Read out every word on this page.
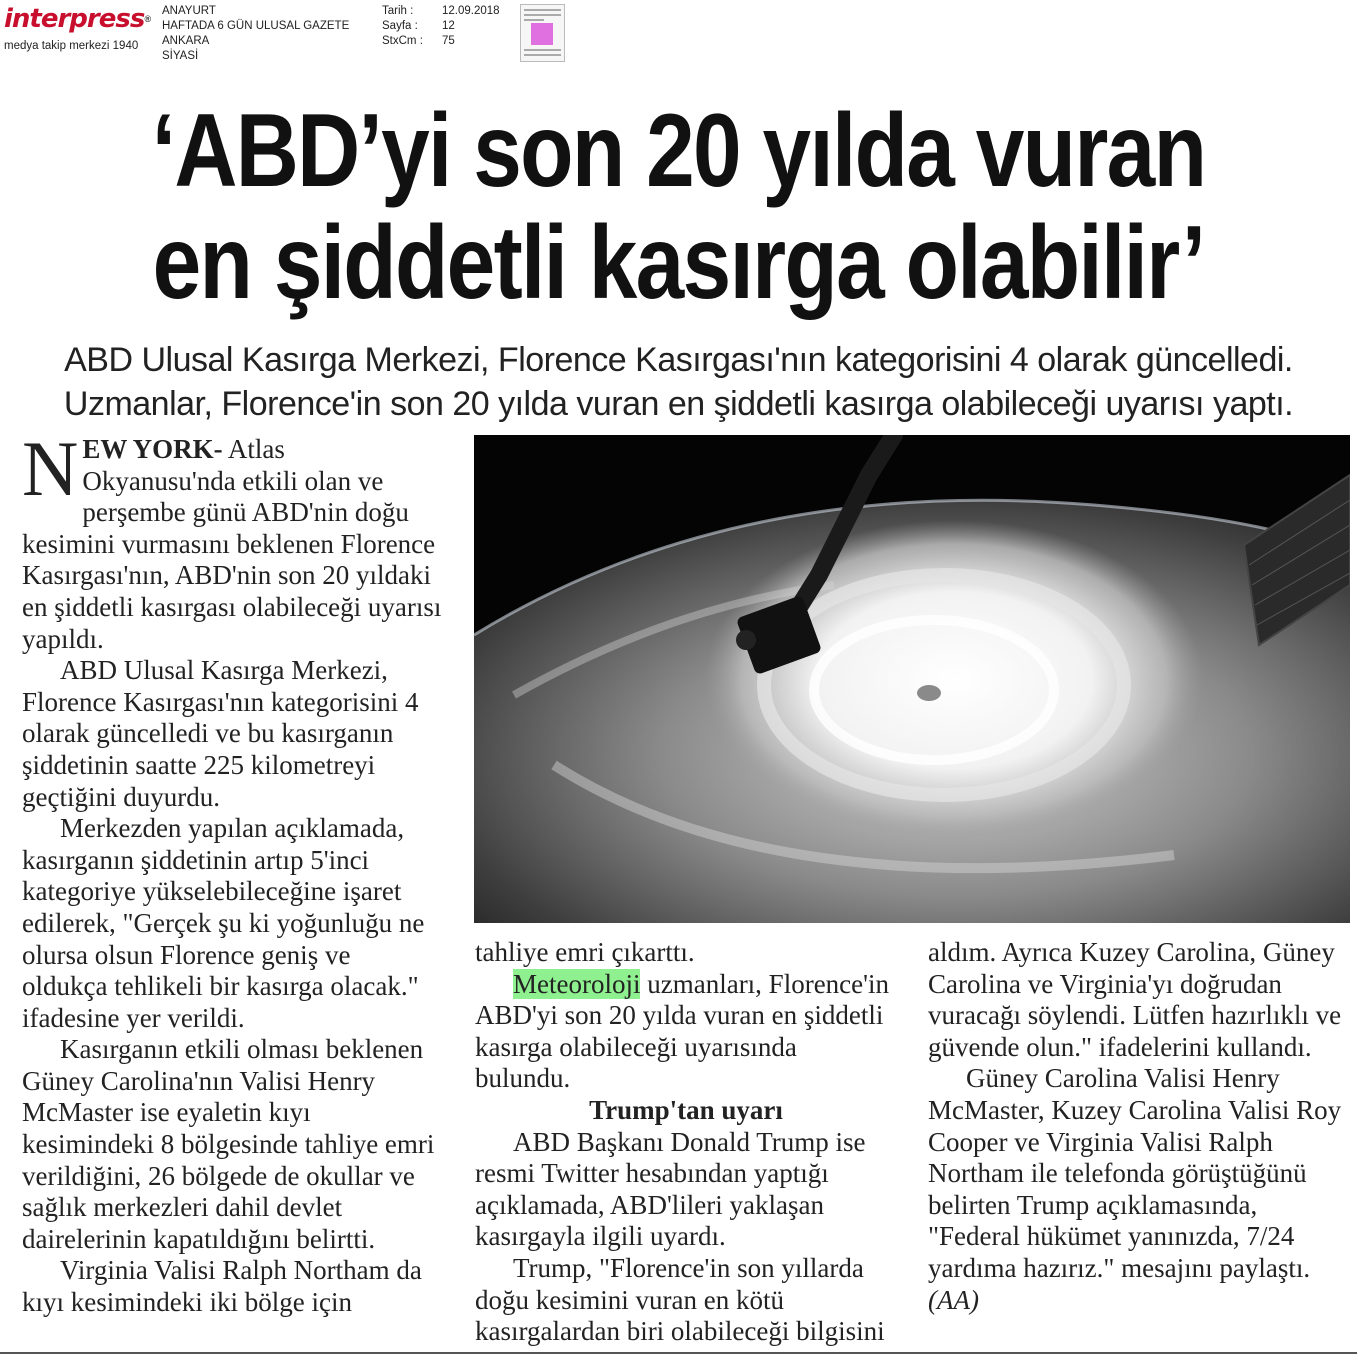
interpress®
medya takip merkezi 1940
ANAYURT
HAFTADA 6 GÜN ULUSAL GAZETE
ANKARA
SİYASİ
Tarih :
Sayfa :
StxCm :
12.09.2018
12
75
‘ABD’yi son 20 yılda vuran
en şiddetli kasırga olabilir’
ABD Ulusal Kasırga Merkezi, Florence Kasırgası'nın kategorisini 4 olarak güncelledi.
Uzmanlar, Florence'in son 20 yılda vuran en şiddetli kasırga olabileceği uyarısı yaptı.

NEW YORK- Atlas Okyanusu'nda etkili olan ve perşembe günü ABD'nin doğu kesimini vurmasını beklenen Florence Kasırgası'nın, ABD'nin son 20 yıldaki en şiddetli kasırgası olabileceği uyarısı yapıldı.

ABD Ulusal Kasırga Merkezi, Florence Kasırgası'nın kategorisini 4 olarak güncelledi ve bu kasırganın şiddetinin saatte 225 kilometreyi geçtiğini duyurdu.

Merkezden yapılan açıklamada, kasırganın şiddetinin artıp 5'inci kategoriye yükselebileceğine işaret edilerek, "Gerçek şu ki yoğunluğu ne olursa olsun Florence geniş ve oldukça tehlikeli bir kasırga olacak." ifadesine yer verildi.

Kasırganın etkili olması beklenen Güney Carolina'nın Valisi Henry McMaster ise eyaletin kıyı kesimindeki 8 bölgesinde tahliye emri verildiğini, 26 bölgede de okullar ve sağlık merkezleri dahil devlet dairelerinin kapatıldığını belirtti.

Virginia Valisi Ralph Northam da kıyı kesimindeki iki bölge için

tahliye emri çıkarttı.

Meteoroloji uzmanları, Florence'in ABD'yi son 20 yılda vuran en şiddetli kasırga olabileceği uyarısında bulundu.

Trump'tan uyarı

ABD Başkanı Donald Trump ise resmi Twitter hesabından yaptığı açıklamada, ABD'lileri yaklaşan kasırgayla ilgili uyardı.

Trump, "Florence'in son yıllarda doğu kesimini vuran en kötü kasırgalardan biri olabileceği bilgisini

aldım. Ayrıca Kuzey Carolina, Güney Carolina ve Virginia'yı doğrudan vuracağı söylendi. Lütfen hazırlıklı ve güvende olun." ifadelerini kullandı.

Güney Carolina Valisi Henry McMaster, Kuzey Carolina Valisi Roy Cooper ve Virginia Valisi Ralph Northam ile telefonda görüştüğünü belirten Trump açıklamasında, "Federal hükümet yanınızda, 7/24 yardıma hazırız." mesajını paylaştı. (AA)
